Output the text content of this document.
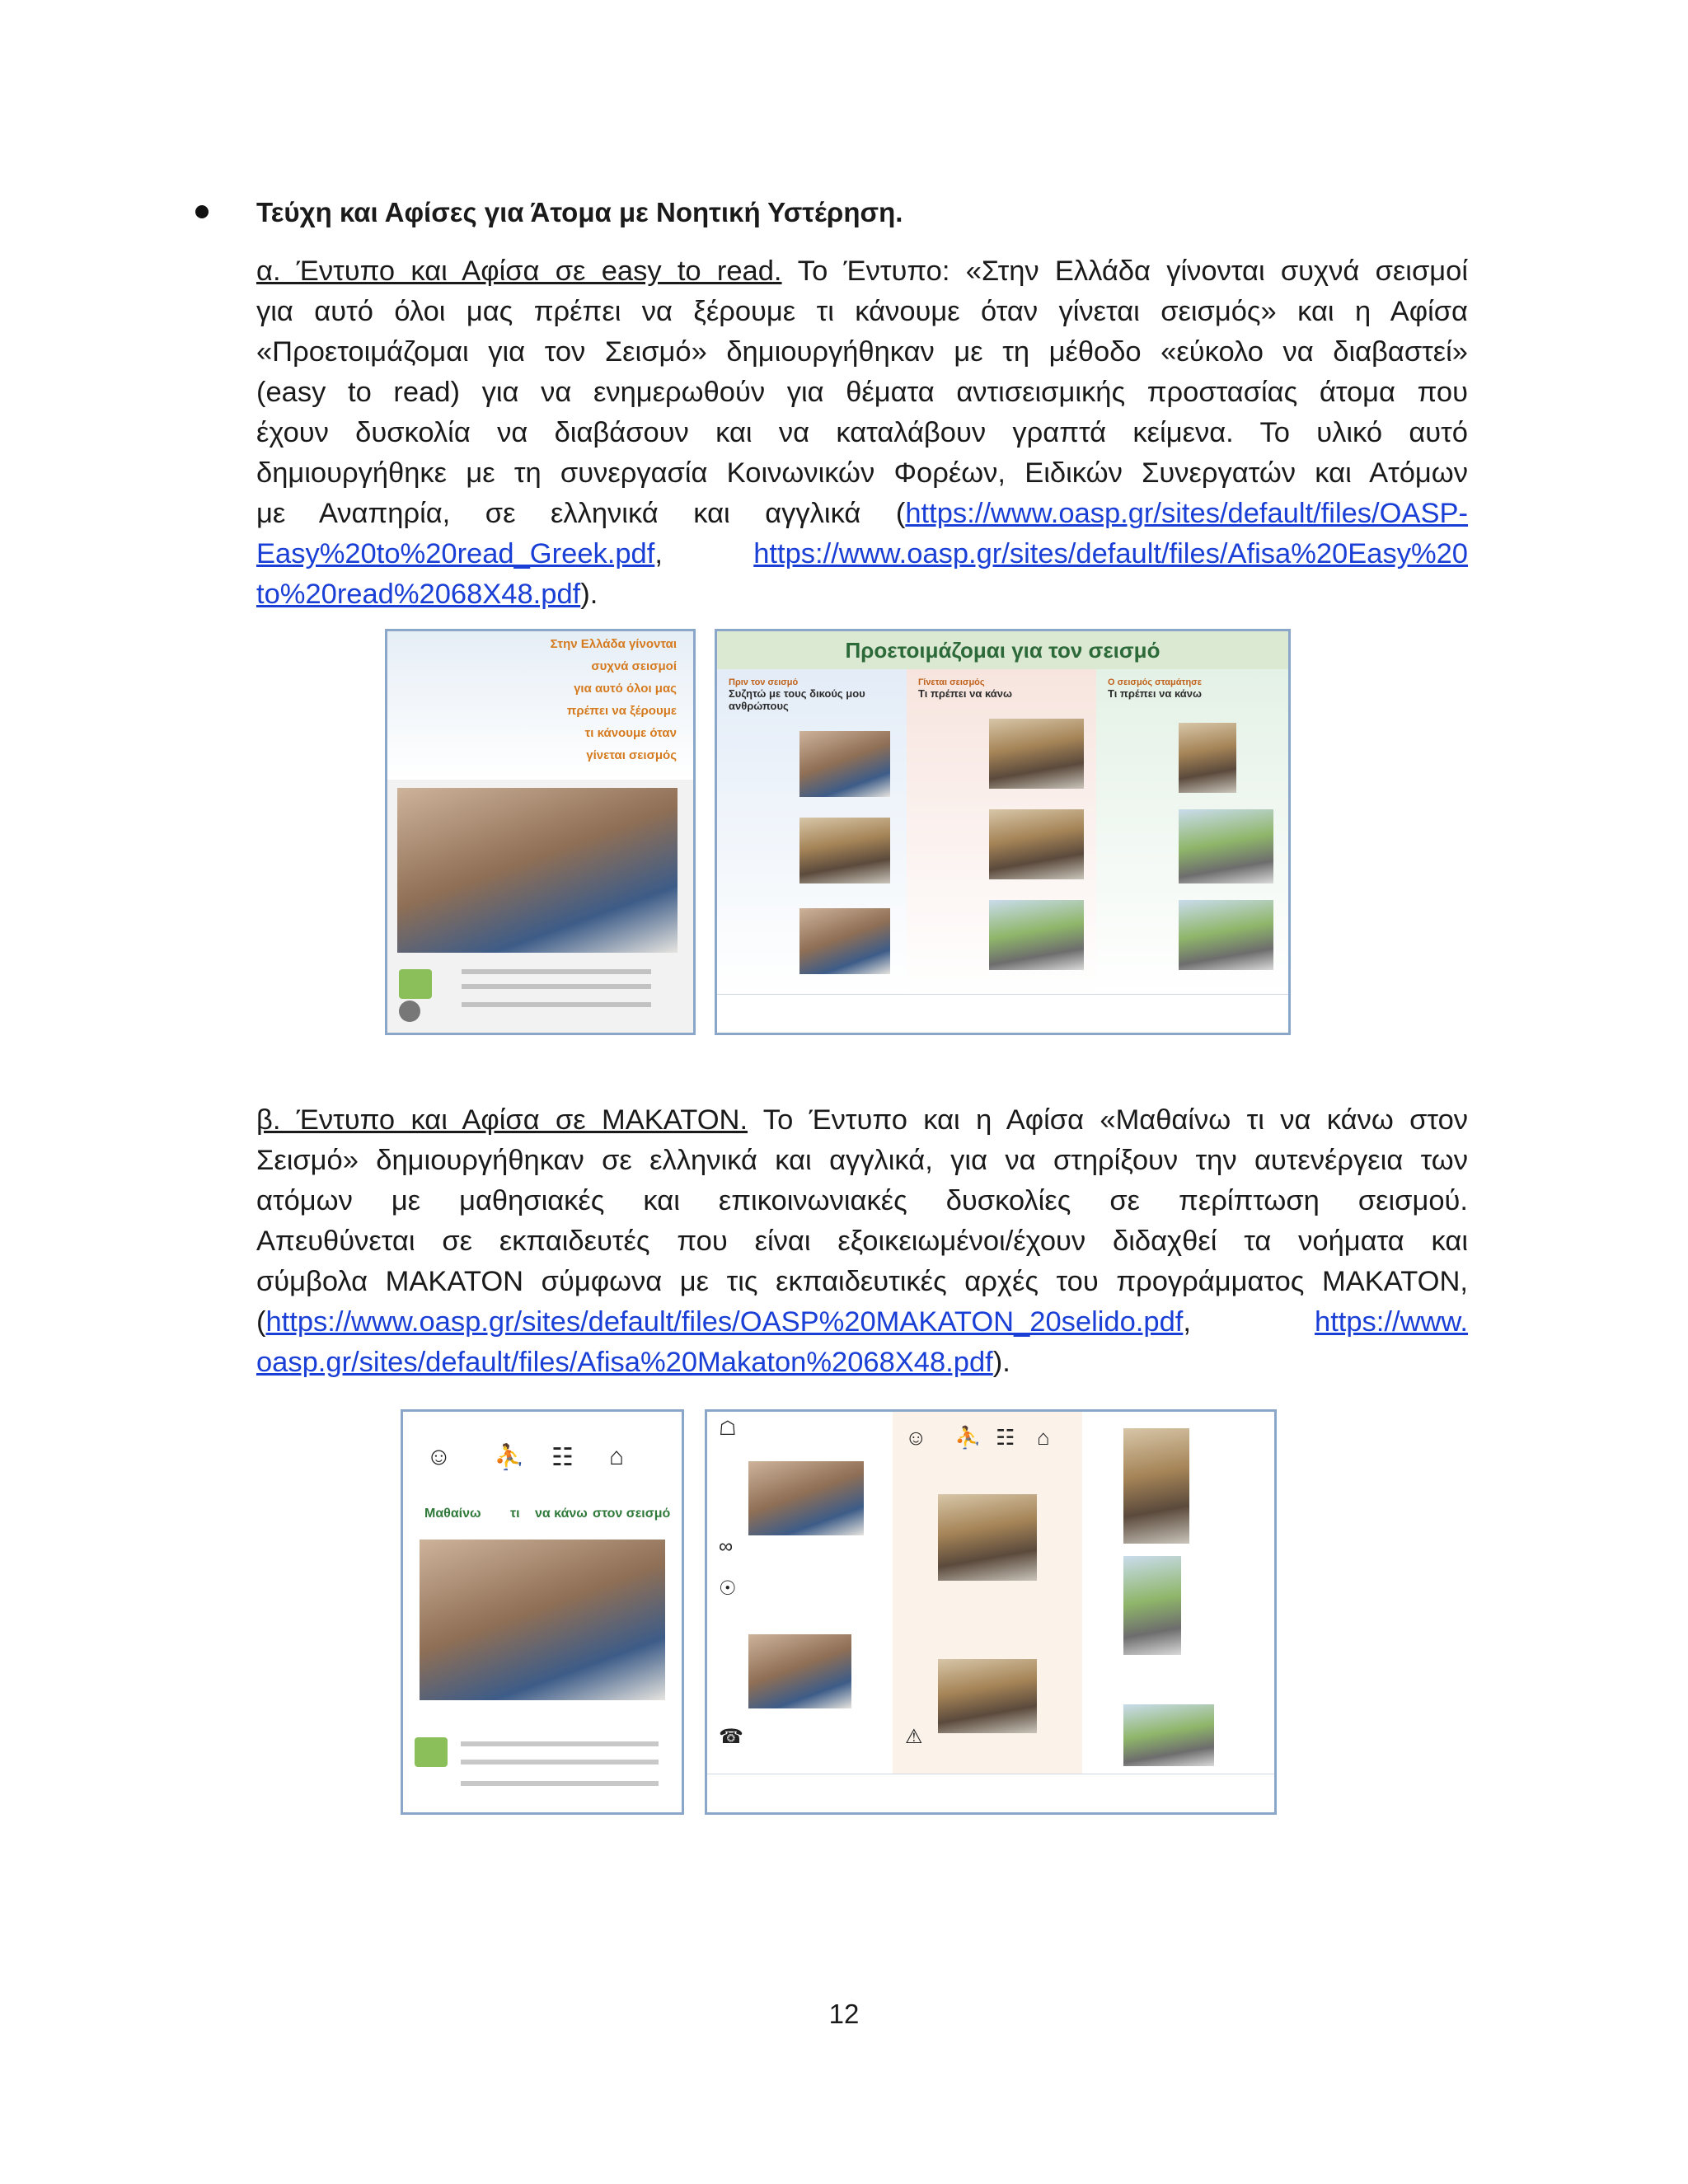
Τεύχη και Αφίσες για Άτομα με Νοητική Υστέρηση.
α. Έντυπο και Αφίσα σε easy to read. Το Έντυπο: «Στην Ελλάδα γίνονται συχνά σεισμοί
για αυτό όλοι μας πρέπει να ξέρουμε τι κάνουμε όταν γίνεται σεισμός» και η Αφίσα
«Προετοιμάζομαι για τον Σεισμό» δημιουργήθηκαν με τη μέθοδο «εύκολο να διαβαστεί»
(easy to read) για να ενημερωθούν για θέματα αντισεισμικής προστασίας άτομα που
έχουν δυσκολία να διαβάσουν και να καταλάβουν γραπτά κείμενα. Το υλικό αυτό
δημιουργήθηκε με τη συνεργασία Κοινωνικών Φορέων, Ειδικών Συνεργατών και Ατόμων
με Αναπηρία, σε ελληνικά και αγγλικά (https://www.oasp.gr/sites/default/files/OASP-
Easy%20to%20read_Greek.pdf, https://www.oasp.gr/sites/default/files/Afisa%20Easy%20
to%20read%2068X48.pdf).
Στην Ελλάδα γίνονται
συχνά σεισμοί
για αυτό όλοι μας
πρέπει να ξέρουμε
τι κάνουμε όταν
γίνεται σεισμός
Προετοιμάζομαι για τον σεισμό
Πριν τον σεισμό
Συζητώ με τους δικούς μου ανθρώπους
Γίνεται σεισμός
Τι πρέπει να κάνω
Ο σεισμός σταμάτησε
Τι πρέπει να κάνω
β. Έντυπο και Αφίσα σε ΜΑΚΑΤΟΝ. Το Έντυπο και η Αφίσα «Μαθαίνω τι να κάνω στον
Σεισμό» δημιουργήθηκαν σε ελληνικά και αγγλικά, για να στηρίξουν την αυτενέργεια των
ατόμων με μαθησιακές και επικοινωνιακές δυσκολίες σε περίπτωση σεισμού.
Απευθύνεται σε εκπαιδευτές που είναι εξοικειωμένοι/έχουν διδαχθεί τα νοήματα και
σύμβολα ΜΑΚΑΤΟΝ σύμφωνα με τις εκπαιδευτικές αρχές του προγράμματος ΜΑΚΑΤΟΝ,
(https://www.oasp.gr/sites/default/files/OASP%20MAKATON_20selido.pdf, https://www.
oasp.gr/sites/default/files/Afisa%20Makaton%2068X48.pdf).
☺ ⛹ ☷ ⌂
Μαθαίνω τι να κάνω στον σεισμό
☖	☺ ⛹ ☷ ⌂
∞
☉
☎	⚠
12
